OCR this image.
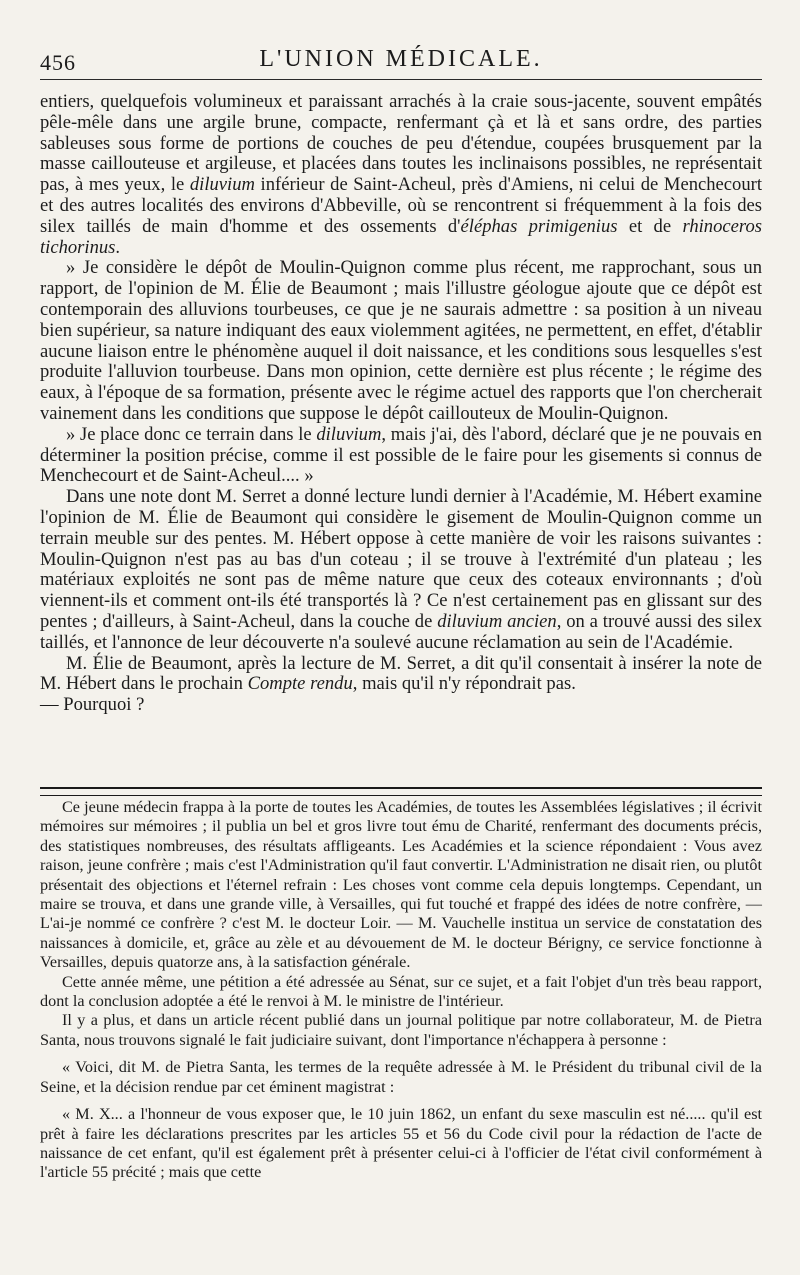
456	L'UNION MÉDICALE.

entiers, quelquefois volumineux et paraissant arrachés à la craie sous-jacente, souvent empâtés pêle-mêle dans une argile brune, compacte, renfermant çà et là et sans ordre, des parties sableuses sous forme de portions de couches de peu d'étendue, coupées brusquement par la masse caillouteuse et argileuse, et placées dans toutes les inclinaisons possibles, ne représentait pas, à mes yeux, le diluvium inférieur de Saint-Acheul, près d'Amiens, ni celui de Menchecourt et des autres localités des environs d'Abbeville, où se rencontrent si fréquemment à la fois des silex taillés de main d'homme et des ossements d'éléphas primigenius et de rhinoceros tichorinus.

» Je considère le dépôt de Moulin-Quignon comme plus récent, me rapprochant, sous un rapport, de l'opinion de M. Élie de Beaumont ; mais l'illustre géologue ajoute que ce dépôt est contemporain des alluvions tourbeuses, ce que je ne saurais admettre : sa position à un niveau bien supérieur, sa nature indiquant des eaux violemment agitées, ne permettent, en effet, d'établir aucune liaison entre le phénomène auquel il doit naissance, et les conditions sous lesquelles s'est produite l'alluvion tourbeuse. Dans mon opinion, cette dernière est plus récente ; le régime des eaux, à l'époque de sa formation, présente avec le régime actuel des rapports que l'on chercherait vainement dans les conditions que suppose le dépôt caillouteux de Moulin-Quignon.

» Je place donc ce terrain dans le diluvium, mais j'ai, dès l'abord, déclaré que je ne pouvais en déterminer la position précise, comme il est possible de le faire pour les gisements si connus de Menchecourt et de Saint-Acheul.... »

Dans une note dont M. Serret a donné lecture lundi dernier à l'Académie, M. Hébert examine l'opinion de M. Élie de Beaumont qui considère le gisement de Moulin-Quignon comme un terrain meuble sur des pentes. M. Hébert oppose à cette manière de voir les raisons suivantes : Moulin-Quignon n'est pas au bas d'un coteau ; il se trouve à l'extrémité d'un plateau ; les matériaux exploités ne sont pas de même nature que ceux des coteaux environnants ; d'où viennent-ils et comment ont-ils été transportés là ? Ce n'est certainement pas en glissant sur des pentes ; d'ailleurs, à Saint-Acheul, dans la couche de diluvium ancien, on a trouvé aussi des silex taillés, et l'annonce de leur découverte n'a soulevé aucune réclamation au sein de l'Académie.

M. Élie de Beaumont, après la lecture de M. Serret, a dit qu'il consentait à insérer la note de M. Hébert dans le prochain Compte rendu, mais qu'il n'y répondrait pas.

— Pourquoi ?

Ce jeune médecin frappa à la porte de toutes les Académies, de toutes les Assemblées législatives ; il écrivit mémoires sur mémoires ; il publia un bel et gros livre tout ému de Charité, renfermant des documents précis, des statistiques nombreuses, des résultats affligeants. Les Académies et la science répondaient : Vous avez raison, jeune confrère ; mais c'est l'Administration qu'il faut convertir. L'Administration ne disait rien, ou plutôt présentait des objections et l'éternel refrain : Les choses vont comme cela depuis longtemps. Cependant, un maire se trouva, et dans une grande ville, à Versailles, qui fut touché et frappé des idées de notre confrère, — L'ai-je nommé ce confrère ? c'est M. le docteur Loir. — M. Vauchelle institua un service de constatation des naissances à domicile, et, grâce au zèle et au dévouement de M. le docteur Bérigny, ce service fonctionne à Versailles, depuis quatorze ans, à la satisfaction générale.

Cette année même, une pétition a été adressée au Sénat, sur ce sujet, et a fait l'objet d'un très beau rapport, dont la conclusion adoptée a été le renvoi à M. le ministre de l'intérieur.

Il y a plus, et dans un article récent publié dans un journal politique par notre collaborateur, M. de Pietra Santa, nous trouvons signalé le fait judiciaire suivant, dont l'importance n'échappera à personne :

« Voici, dit M. de Pietra Santa, les termes de la requête adressée à M. le Président du tribunal civil de la Seine, et la décision rendue par cet éminent magistrat :

« M. X... a l'honneur de vous exposer que, le 10 juin 1862, un enfant du sexe masculin est né..... qu'il est prêt à faire les déclarations prescrites par les articles 55 et 56 du Code civil pour la rédaction de l'acte de naissance de cet enfant, qu'il est également prêt à présenter celui-ci à l'officier de l'état civil conformément à l'article 55 précité ; mais que cette
